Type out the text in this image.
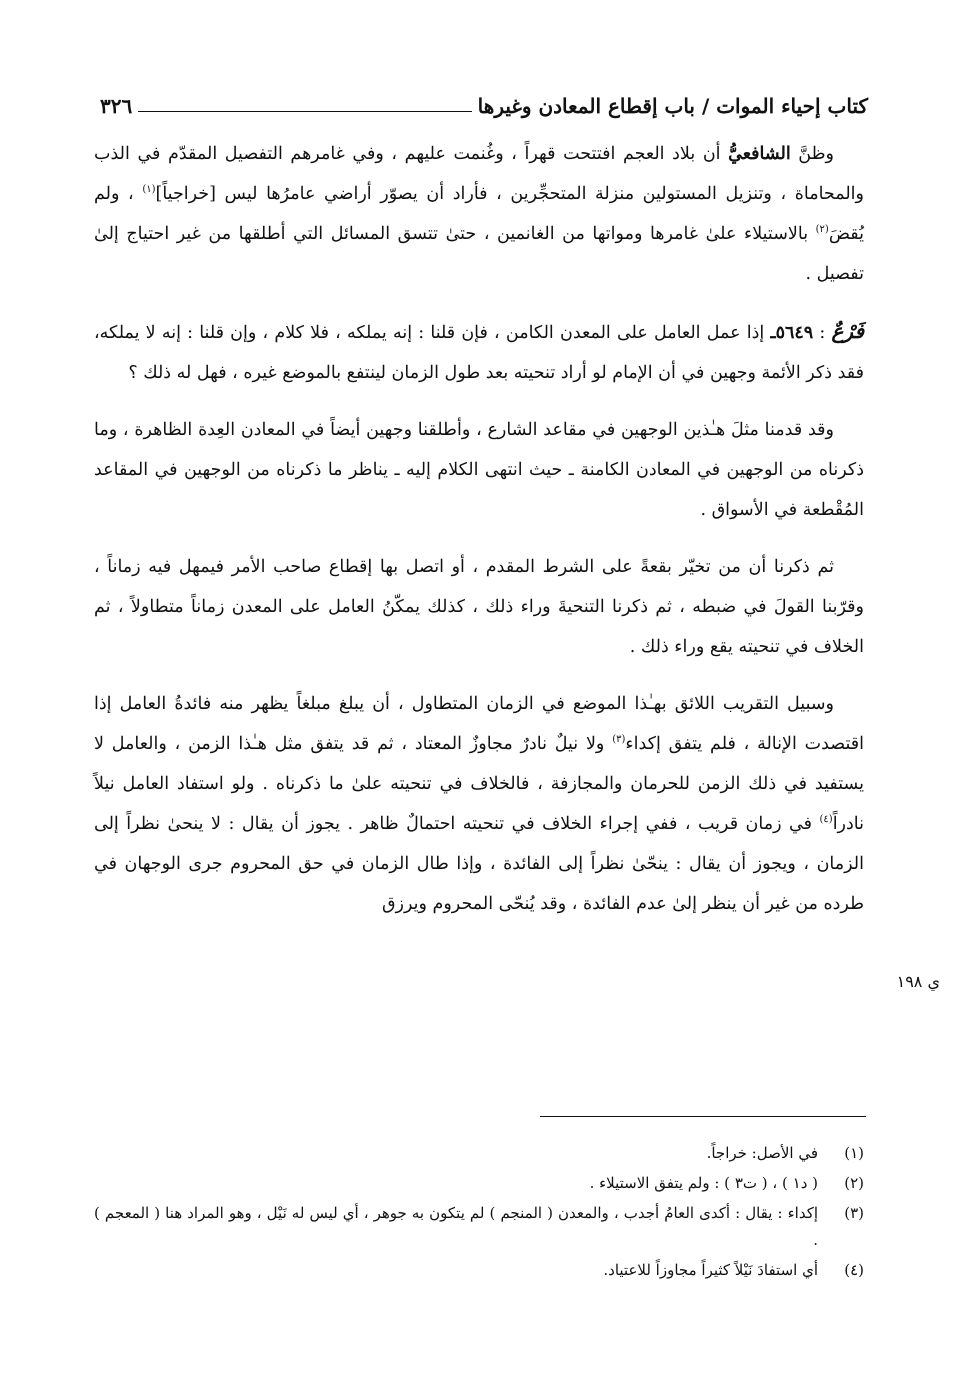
كتاب إحياء الموات / باب إقطاع المعادن وغيرها
٣٢٦

وظنَّ الشافعيُّ أن بلاد العجم افتتحت قهراً ، وغُنمت عليهم ، وفي غامرهم التفصيل المقدّم في الذب والمحاماة ، وتنزيل المستولين منزلة المتحجِّرين ، فأراد أن يصوّر أراضي عامرُها ليس [خراجياً]$^{(١)}$ ، ولم يُقضَ$^{(٢)}$ بالاستيلاء علىٰ غامرها ومواتها من الغانمين ، حتىٰ تتسق المسائل التي أطلقها من غير احتياج إلىٰ تفصيل .

فَرْعٌ : ٥٦٤٩ـ إذا عمل العامل على المعدن الكامن ، فإن قلنا : إنه يملكه ، فلا كلام ، وإن قلنا : إنه لا يملكه، فقد ذكر الأئمة وجهين في أن الإمام لو أراد تنحيته بعد طول الزمان لينتفع بالموضع غيره ، فهل له ذلك ؟

وقد قدمنا مثلَ هـٰذين الوجهين في مقاعد الشارع ، وأطلقنا وجهين أيضاً في المعادن العِدة الظاهرة ، وما ذكرناه من الوجهين في المعادن الكامنة ـ حيث انتهى الكلام إليه ـ يناظر ما ذكرناه من الوجهين في المقاعد المُقْطعة في الأسواق .

ثم ذكرنا أن من تخيّر بقعةً على الشرط المقدم ، أو اتصل بها إقطاع صاحب الأمر فيمهل فيه زماناً ، وقرّبنا القولَ في ضبطه ، ثم ذكرنا التنحيةَ وراء ذلك ، كذلك يمكّنُ العامل على المعدن زماناً متطاولاً ، ثم الخلاف في تنحيته يقع وراء ذلك .

وسبيل التقريب اللائق بهـٰذا الموضع في الزمان المتطاول ، أن يبلغ مبلغاً يظهر منه فائدةُ العامل إذا اقتصدت الإنالة ، فلم يتفق إكداء$^{(٣)}$ ولا نيلٌ نادرٌ مجاوزٌ المعتاد ، ثم قد يتفق مثل هـٰذا الزمن ، والعامل لا يستفيد في ذلك الزمن للحرمان والمجازفة ، فالخلاف في تنحيته علىٰ ما ذكرناه . ولو استفاد العامل نيلاً نادراً$^{(٤)}$ في زمان قريب ، ففي إجراء الخلاف في تنحيته احتمالٌ ظاهر . يجوز أن يقال : لا ينحىٰ نظراً إلى الزمان ، ويجوز أن يقال : ينحّىٰ نظراً إلى الفائدة ، وإذا طال الزمان في حق المحروم جرى الوجهان في طرده من غير أن ينظر إلىٰ عدم الفائدة ، وقد يُنحّى المحروم ويرزق

ي ١٩٨
(١)
في الأصل: خراجاً.
(٢)
( د١ ) ، ( ت٣ ) : ولم يتفق الاستيلاء .
(٣)
إكداء : يقال : أكدى العامُ أجدب ، والمعدن ( المنجم ) لم يتكون به جوهر ، أي ليس له نَيْل ، وهو المراد هنا ( المعجم ) .
(٤)
أي استفادَ نَيْلاً كثيراً مجاوزاً للاعتياد.
